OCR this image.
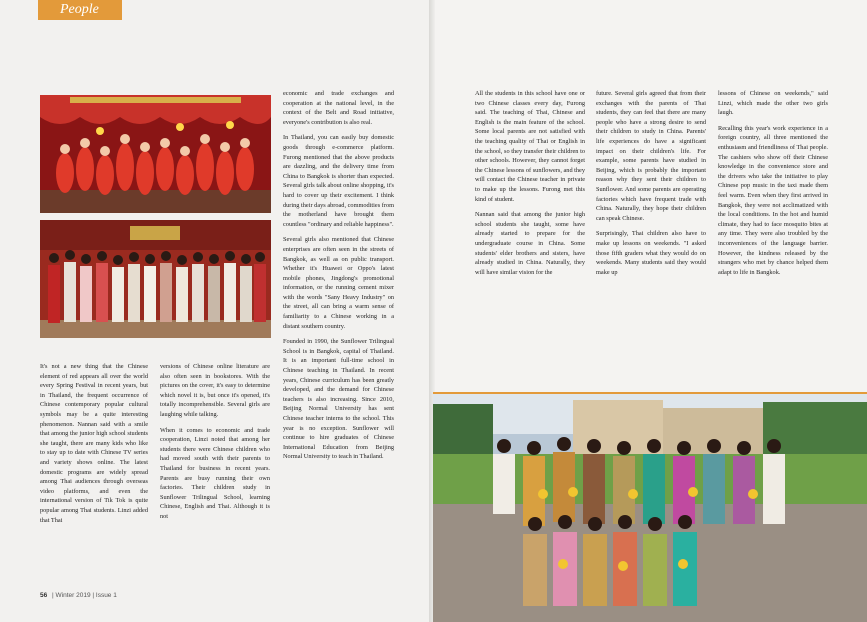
People

It's not a new thing that the Chinese element of red appears all over the world every Spring Festival in recent years, but in Thailand, the frequent occurrence of Chinese contemporary popular cultural symbols may be a quite interesting phenomenon. Nannan said with a smile that among the junior high school students she taught, there are many kids who like to stay up to date with Chinese TV series and variety shows online. The latest domestic programs are widely spread among Thai audiences through overseas video platforms, and even the international version of Tik Tok is quite popular among Thai students. Linzi added that Thai

versions of Chinese online literature are also often seen in bookstores. With the pictures on the cover, it's easy to determine which novel it is, but once it's opened, it's totally incomprehensible. Several girls are laughing while talking.

When it comes to economic and trade cooperation, Linzi noted that among her students there were Chinese children who had moved south with their parents to Thailand for business in recent years. Parents are busy running their own factories. Their children study in Sunflower Trilingual School, learning Chinese, English and Thai. Although it is not

economic and trade exchanges and cooperation at the national level, in the context of the Belt and Road initiative, everyone's contribution is also real.

In Thailand, you can easily buy domestic goods through e-commerce platform. Furong mentioned that the above products are dazzling, and the delivery time from China to Bangkok is shorter than expected. Several girls talk about online shopping, it's hard to cover up their excitement. I think during their days abroad, commodities from the motherland have brought them countless "ordinary and reliable happiness".

Several girls also mentioned that Chinese enterprises are often seen in the streets of Bangkok, as well as on public transport. Whether it's Huawei or Oppo's latest mobile phones, Jingdong's promotional information, or the running cement mixer with the words "Sany Heavy Industry" on the street, all can bring a warm sense of familiarity to a Chinese working in a distant southern country.

Founded in 1990, the Sunflower Trilingual School is in Bangkok, capital of Thailand. It is an important full-time school in Chinese teaching in Thailand. In recent years, Chinese curriculum has been greatly developed, and the demand for Chinese teachers is also increasing. Since 2010, Beijing Normal University has sent Chinese teacher interns to the school. This year is no exception. Sunflower will continue to hire graduates of Chinese International Education from Beijing Normal University to teach in Thailand.

All the students in this school have one or two Chinese classes every day, Furong said. The teaching of Thai, Chinese and English is the main feature of the school. Some local parents are not satisfied with the teaching quality of Thai or English in the school, so they transfer their children to other schools. However, they cannot forget the Chinese lessons of sunflowers, and they will contact the Chinese teacher in private to make up the lessons. Furong met this kind of student.

Nannan said that among the junior high school students she taught, some have already started to prepare for the undergraduate course in China. Some students' elder brothers and sisters, have already studied in China. Naturally, they will have similar vision for the

future. Several girls agreed that from their exchanges with the parents of Thai students, they can feel that there are many people who have a strong desire to send their children to study in China. Parents' life experiences do have a significant impact on their children's life. For example, some parents have studied in Beijing, which is probably the important reason why they sent their children to Sunflower. And some parents are operating factories which have frequent trade with China. Naturally, they hope their children can speak Chinese.

Surprisingly, Thai children also have to make up lessons on weekends. "I asked those fifth graders what they would do on weekends. Many students said they would make up

lessons of Chinese on weekends," said Linzi, which made the other two girls laugh.

Recalling this year's work experience in a foreign country, all three mentioned the enthusiasm and friendliness of Thai people. The cashiers who show off their Chinese knowledge in the convenience store and the drivers who take the initiative to play Chinese pop music in the taxi made them feel warm. Even when they first arrived in Bangkok, they were not acclimatized with the local conditions. In the hot and humid climate, they had to face mosquito bites at any time. They were also troubled by the inconveniences of the language barrier. However, the kindness released by the strangers who met by chance helped them adapt to life in Bangkok.

56 | Winter 2019 | Issue 1
